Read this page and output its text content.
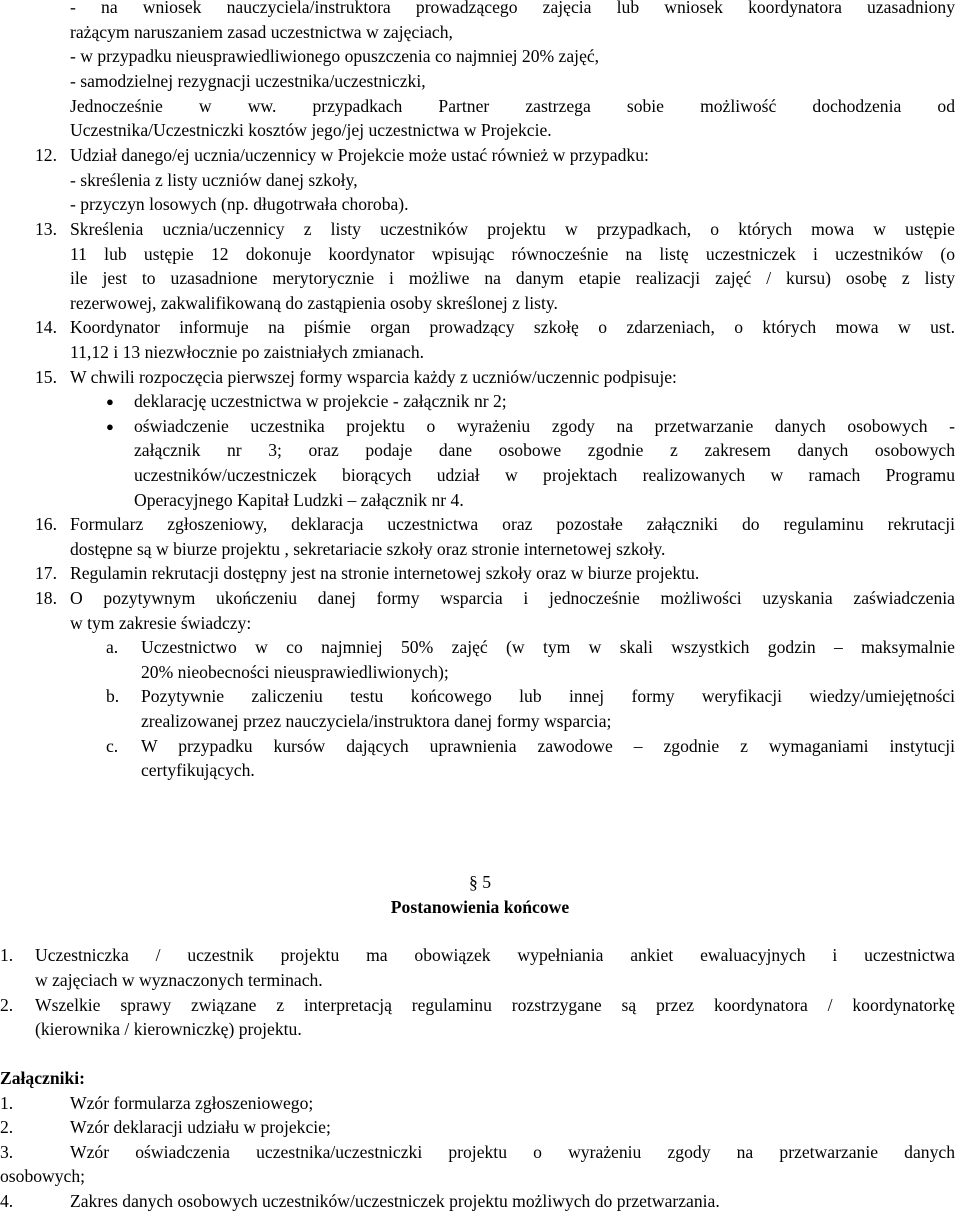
- na wniosek nauczyciela/instruktora prowadzącego zajęcia lub wniosek koordynatora uzasadniony
rażącym naruszaniem zasad uczestnictwa w zajęciach,
- w przypadku nieusprawiedliwionego opuszczenia co najmniej 20% zajęć,
- samodzielnej rezygnacji uczestnika/uczestniczki,
Jednocześnie w ww. przypadkach Partner zastrzega sobie możliwość dochodzenia od
Uczestnika/Uczestniczki kosztów jego/jej uczestnictwa w Projekcie.
12. Udział danego/ej ucznia/uczennicy w Projekcie może ustać również w przypadku:
- skreślenia z listy uczniów danej szkoły,
- przyczyn losowych (np. długotrwała choroba).
13. Skreślenia ucznia/uczennicy z listy uczestników projektu w przypadkach, o których mowa w ustępie
11 lub ustępie 12 dokonuje koordynator wpisując równocześnie na listę uczestniczek i uczestników (o
ile jest to uzasadnione merytorycznie i możliwe na danym etapie realizacji zajęć / kursu) osobę z listy
rezerwowej, zakwalifikowaną do zastąpienia osoby skreślonej z listy.
14. Koordynator informuje na piśmie organ prowadzący szkołę o zdarzeniach, o których mowa w ust.
11,12 i 13 niezwłocznie po zaistniałych zmianach.
15. W chwili rozpoczęcia pierwszej formy wsparcia każdy z uczniów/uczennic podpisuje:
● deklarację uczestnictwa w projekcie - załącznik nr 2;
● oświadczenie uczestnika projektu o wyrażeniu zgody na przetwarzanie danych osobowych -
załącznik nr 3; oraz podaje dane osobowe zgodnie z zakresem danych osobowych
uczestników/uczestniczek biorących udział w projektach realizowanych w ramach Programu
Operacyjnego Kapitał Ludzki – załącznik nr 4.
16. Formularz zgłoszeniowy, deklaracja uczestnictwa oraz pozostałe załączniki do regulaminu rekrutacji
dostępne są w biurze projektu , sekretariacie szkoły oraz stronie internetowej szkoły.
17. Regulamin rekrutacji dostępny jest na stronie internetowej szkoły oraz w biurze projektu.
18. O pozytywnym ukończeniu danej formy wsparcia i jednocześnie możliwości uzyskania zaświadczenia
w tym zakresie świadczy:
a. Uczestnictwo w co najmniej 50% zajęć (w tym w skali wszystkich godzin – maksymalnie
20% nieobecności nieusprawiedliwionych);
b. Pozytywnie zaliczeniu testu końcowego lub innej formy weryfikacji wiedzy/umiejętności
zrealizowanej przez nauczyciela/instruktora danej formy wsparcia;
c. W przypadku kursów dających uprawnienia zawodowe – zgodnie z wymaganiami instytucji
certyfikujących.
§ 5
Postanowienia końcowe
1. Uczestniczka / uczestnik projektu ma obowiązek wypełniania ankiet ewaluacyjnych i uczestnictwa
w zajęciach w wyznaczonych terminach.
2. Wszelkie sprawy związane z interpretacją regulaminu rozstrzygane są przez koordynatora / koordynatorkę
(kierownika / kierowniczkę) projektu.
Załączniki:
1.	Wzór formularza zgłoszeniowego;
2.	Wzór deklaracji udziału w projekcie;
3.	Wzór oświadczenia uczestnika/uczestniczki projektu o wyrażeniu zgody na przetwarzanie danych
osobowych;
4.	Zakres danych osobowych uczestników/uczestniczek projektu możliwych do przetwarzania.
